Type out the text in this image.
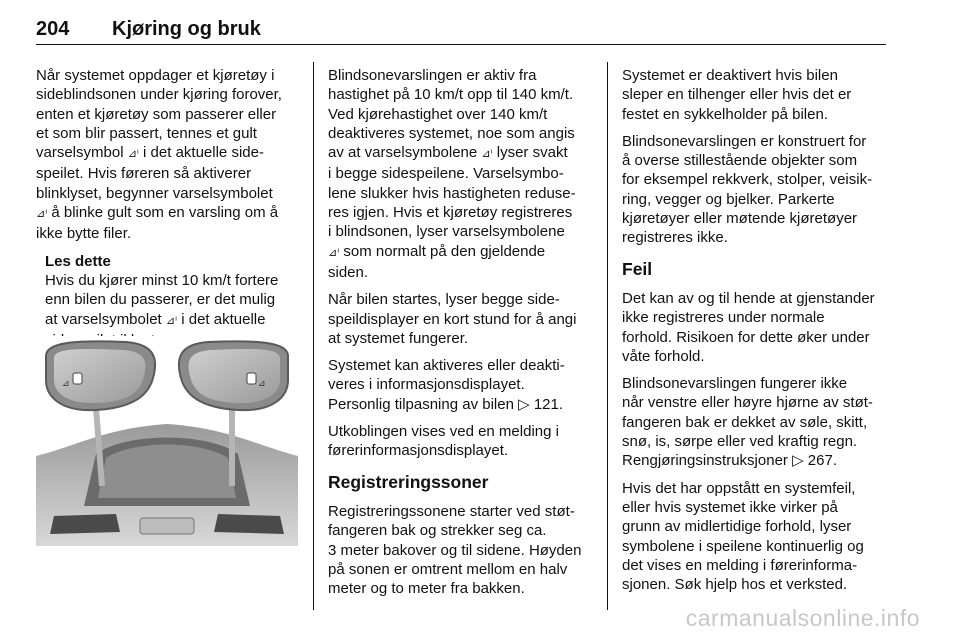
204 Kjøring og bruk

Når systemet oppdager et kjøretøy i
sideblindsonen under kjøring forover,
enten et kjøretøy som passerer eller
et som blir passert, tennes et gult
varselsymbol ⊿ⁱ i det aktuelle side-
speilet. Hvis føreren så aktiverer
blinklyset, begynner varselsymbolet
⊿ⁱ å blinke gult som en varsling om å
ikke bytte filer.

Les dette
Hvis du kjører minst 10 km/t fortere
enn bilen du passerer, er det mulig
at varselsymbolet ⊿ⁱ i det aktuelle

⊿	⊿

Blindsonevarslingen er aktiv fra
hastighet på 10 km/t opp til 140 km/t.
Ved kjørehastighet over 140 km/t
deaktiveres systemet, noe som angis
av at varselsymbolene ⊿ⁱ lyser svakt
i begge sidespeilene. Varselsymbo-
lene slukker hvis hastigheten reduse-
res igjen. Hvis et kjøretøy registreres
i blindsonen, lyser varselsymbolene
⊿ⁱ som normalt på den gjeldende
siden.

Når bilen startes, lyser begge side-
speildisplayer en kort stund for å angi
at systemet fungerer.

Systemet kan aktiveres eller deakti-
veres i informasjonsdisplayet.
Personlig tilpasning av bilen ▷ 121.

Utkoblingen vises ved en melding i
førerinformasjonsdisplayet.

Registreringssoner

Registreringssonene starter ved støt-
fangeren bak og strekker seg ca.
3 meter bakover og til sidene. Høyden
på sonen er omtrent mellom en halv
meter og to meter fra bakken.

Systemet er deaktivert hvis bilen
sleper en tilhenger eller hvis det er
festet en sykkelholder på bilen.

Blindsonevarslingen er konstruert for
å overse stillestående objekter som
for eksempel rekkverk, stolper, veisik-
ring, vegger og bjelker. Parkerte
kjøretøyer eller møtende kjøretøyer
registreres ikke.

Feil

Det kan av og til hende at gjenstander
ikke registreres under normale
forhold. Risikoen for dette øker under
våte forhold.

Blindsonevarslingen fungerer ikke
når venstre eller høyre hjørne av støt-
fangeren bak er dekket av søle, skitt,
snø, is, sørpe eller ved kraftig regn.
Rengjøringsinstruksjoner ▷ 267.

Hvis det har oppstått en systemfeil,
eller hvis systemet ikke virker på
grunn av midlertidige forhold, lyser
symbolene i speilene kontinuerlig og
det vises en melding i førerinforma-
sjonen. Søk hjelp hos et verksted.

carmanualsonline.info
